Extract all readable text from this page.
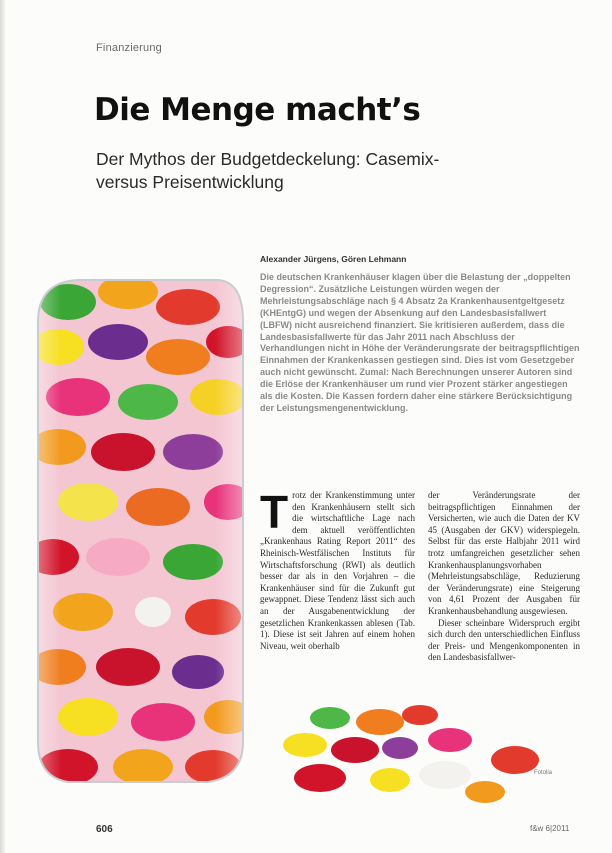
Finanzierung
Die Menge macht’s
Der Mythos der Budgetdeckelung: Casemix- versus Preisentwicklung
Alexander Jürgens, Gören Lehmann
Die deutschen Krankenhäuser klagen über die Belastung der „doppelten Degression“. Zusätzliche Leistungen würden wegen der Mehrleistungsabschläge nach § 4 Absatz 2a Krankenhausentgeltgesetz (KHEntgG) und wegen der Absenkung auf den Landesbasisfallwert (LBFW) nicht ausreichend finanziert. Sie kritisieren außerdem, dass die Landesbasisfallwerte für das Jahr 2011 nach Abschluss der Verhandlungen nicht in Höhe der Veränderungsrate der beitragspflichtigen Einnahmen der Krankenkassen gestiegen sind. Dies ist vom Gesetzgeber auch nicht gewünscht. Zumal: Nach Berechnungen unserer Autoren sind die Erlöse der Krankenhäuser um rund vier Prozent stärker angestiegen als die Kosten. Die Kassen fordern daher eine stärkere Berücksichtigung der Leistungsmengenentwicklung.
T rotz der Krankenstimmung unter den Krankenhäusern stellt sich die wirtschaftliche Lage nach dem aktuell veröffentlichten „Krankenhaus Rating Report 2011“ des Rheinisch-Westfälischen Instituts für Wirtschaftsforschung (RWI) als deutlich besser dar als in den Vorjahren – die Krankenhäuser sind für die Zukunft gut gewappnet. Diese Tendenz lässt sich auch an der Ausgabenentwicklung der gesetzlichen Krankenkassen ablesen (Tab. 1). Diese ist seit Jahren auf einem hohen Niveau, weit oberhalb

der Veränderungsrate der beitragspflichtigen Einnahmen der Versicherten, wie auch die Daten der KV 45 (Ausgaben der GKV) widerspiegeln. Selbst für das erste Halbjahr 2011 wird trotz umfangreichen gesetzlicher sehen Krankenhausplanungsvorhaben (Mehrleistungsabschläge, Reduzierung der Veränderungsrate) eine Steigerung von 4,61 Prozent der Ausgaben für Krankenhausbehandlung ausgewiesen.

Dieser scheinbare Widerspruch ergibt sich durch den unterschiedlichen Einfluss der Preis- und Mengenkomponenten in den Landesbasisfallwer-

Fotolia
606	f&w 6|2011
